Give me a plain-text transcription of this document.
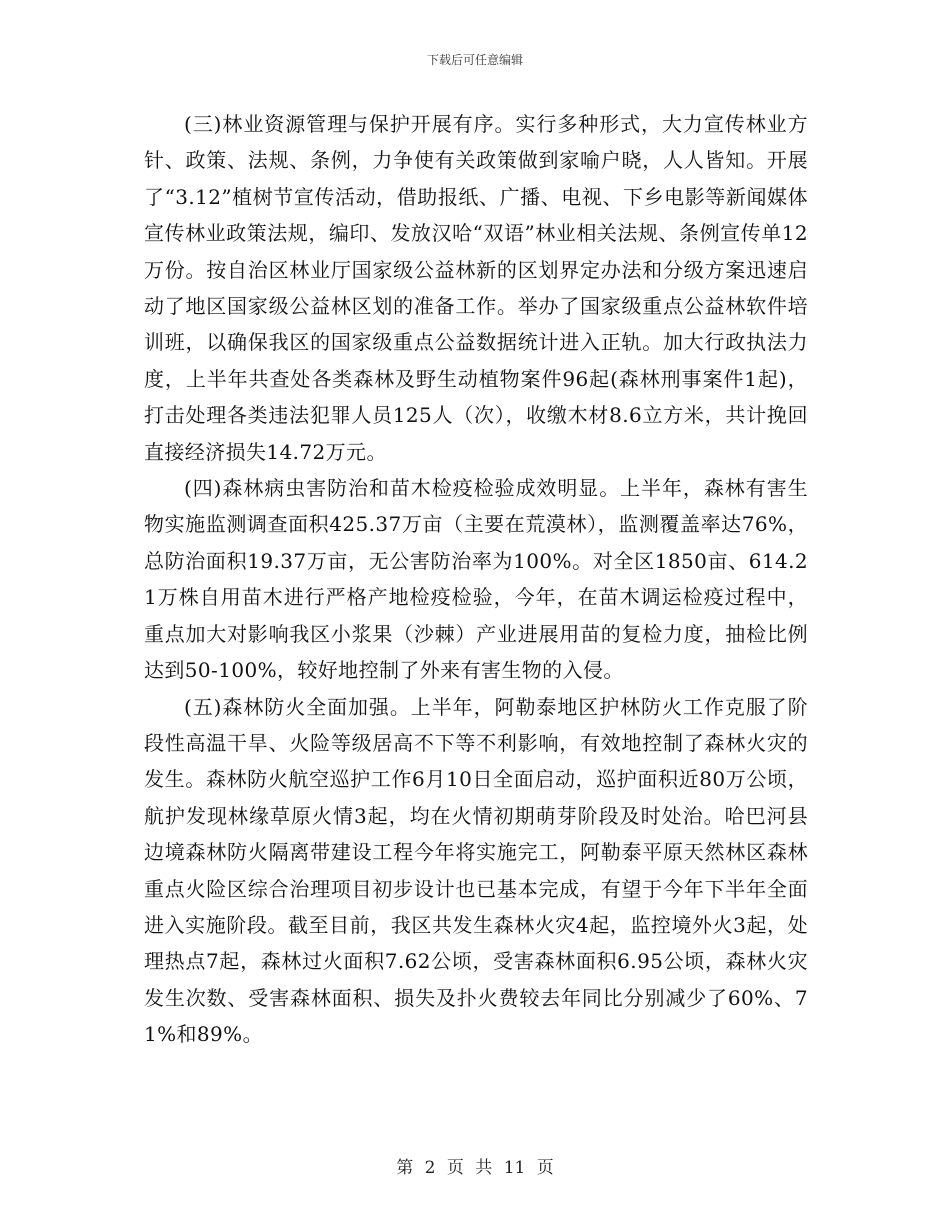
下载后可任意编辑

(三)林业资源管理与保护开展有序。实行多种形式，大力宣传林业方针、政策、法规、条例，力争使有关政策做到家喻户晓，人人皆知。开展了“3.12”植树节宣传活动，借助报纸、广播、电视、下乡电影等新闻媒体宣传林业政策法规，编印、发放汉哈“双语”林业相关法规、条例宣传单12万份。按自治区林业厅国家级公益林新的区划界定办法和分级方案迅速启动了地区国家级公益林区划的准备工作。举办了国家级重点公益林软件培训班，以确保我区的国家级重点公益数据统计进入正轨。加大行政执法力度，上半年共查处各类森林及野生动植物案件96起(森林刑事案件1起)，打击处理各类违法犯罪人员125人（次），收缴木材8.6立方米，共计挽回直接经济损失14.72万元。

(四)森林病虫害防治和苗木检疫检验成效明显。上半年，森林有害生物实施监测调查面积425.37万亩（主要在荒漠林），监测覆盖率达76%，总防治面积19.37万亩，无公害防治率为100%。对全区1850亩、614.21万株自用苗木进行严格产地检疫检验，今年，在苗木调运检疫过程中，重点加大对影响我区小浆果（沙棘）产业进展用苗的复检力度，抽检比例达到50-100%，较好地控制了外来有害生物的入侵。

(五)森林防火全面加强。上半年，阿勒泰地区护林防火工作克服了阶段性高温干旱、火险等级居高不下等不利影响，有效地控制了森林火灾的发生。森林防火航空巡护工作6月10日全面启动，巡护面积近80万公顷，航护发现林缘草原火情3起，均在火情初期萌芽阶段及时处治。哈巴河县边境森林防火隔离带建设工程今年将实施完工，阿勒泰平原天然林区森林重点火险区综合治理项目初步设计也已基本完成，有望于今年下半年全面进入实施阶段。截至目前，我区共发生森林火灾4起，监控境外火3起，处理热点7起，森林过火面积7.62公顷，受害森林面积6.95公顷，森林火灾发生次数、受害森林面积、损失及扑火费较去年同比分别减少了60%、71%和89%。

第 2 页 共 11 页
